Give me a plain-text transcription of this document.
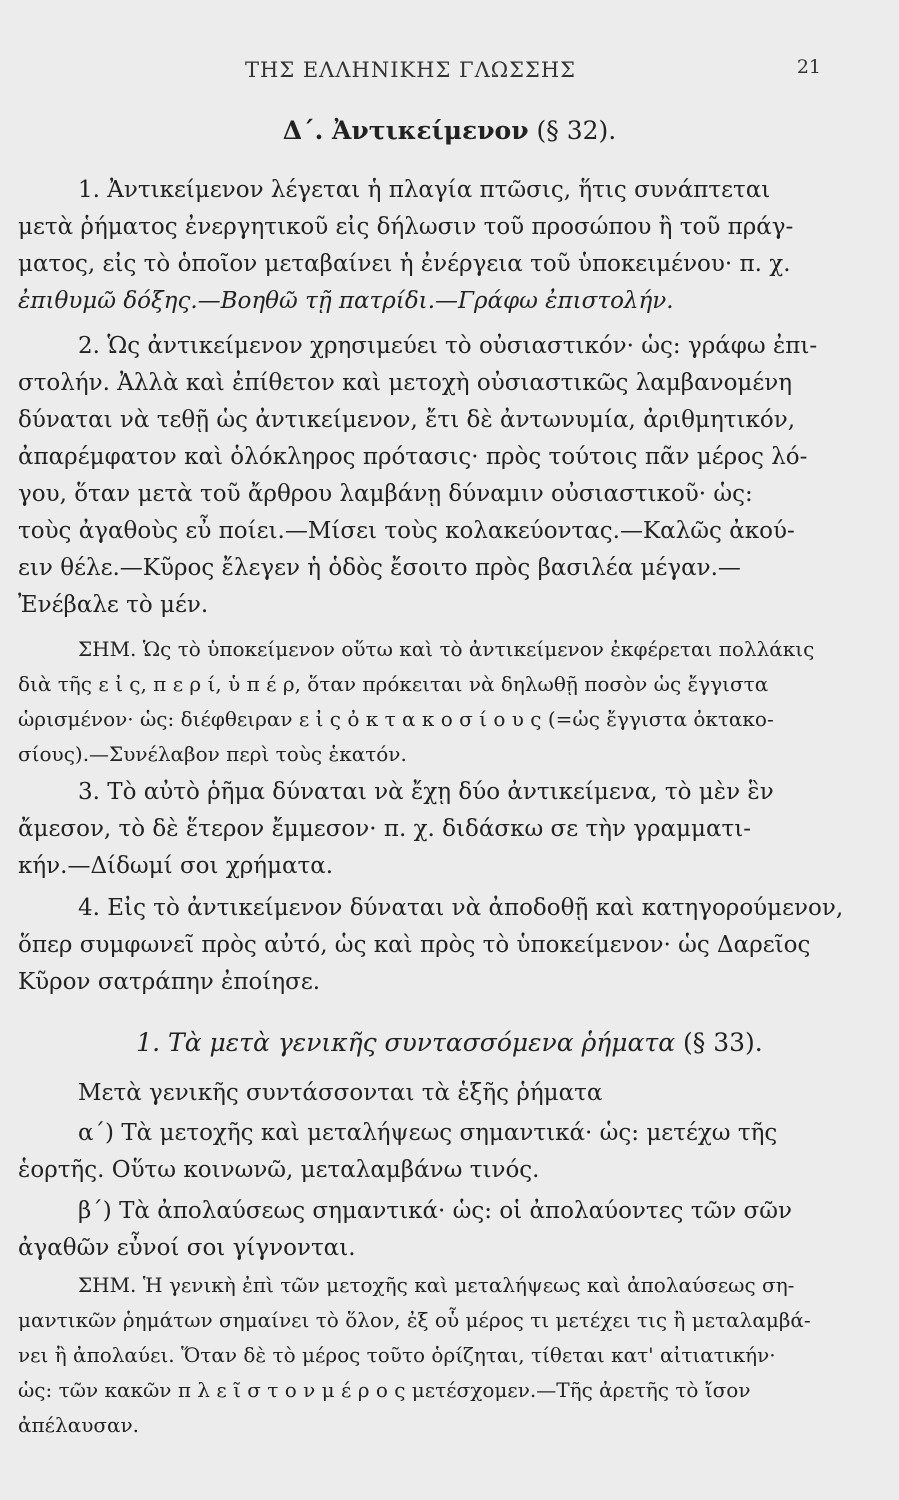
ΤΗΣ ΕΛΛΗΝΙΚΗΣ ΓΛΩΣΣΗΣ	21
Δ΄. Ἀντικείμενον (§ 32).
1. Ἀντικείμενον λέγεται ἡ πλαγία πτῶσις, ἥτις συνάπτεται
μετὰ ῥήματος ἐνεργητικοῦ εἰς δήλωσιν τοῦ προσώπου ἢ τοῦ πράγ-
ματος, εἰς τὸ ὁποῖον μεταβαίνει ἡ ἐνέργεια τοῦ ὑποκειμένου· π. χ.
ἐπιθυμῶ δόξης.—Βοηθῶ τῇ πατρίδι.—Γράφω ἐπιστολήν.
2. Ὡς ἀντικείμενον χρησιμεύει τὸ οὐσιαστικόν· ὡς: γράφω ἐπι-
στολήν. Ἀλλὰ καὶ ἐπίθετον καὶ μετοχὴ οὐσιαστικῶς λαμβανομένη
δύναται νὰ τεθῇ ὡς ἀντικείμενον, ἔτι δὲ ἀντωνυμία, ἀριθμητικόν,
ἀπαρέμφατον καὶ ὁλόκληρος πρότασις· πρὸς τούτοις πᾶν μέρος λό-
γου, ὅταν μετὰ τοῦ ἄρθρου λαμβάνῃ δύναμιν οὐσιαστικοῦ· ὡς:
τοὺς ἀγαθοὺς εὖ ποίει.—Μίσει τοὺς κολακεύοντας.—Καλῶς ἀκού-
ειν θέλε.—Κῦρος ἔλεγεν ἡ ὁδὸς ἔσοιτο πρὸς βασιλέα μέγαν.—
Ἐνέβαλε τὸ μέν.
ΣΗΜ. Ὡς τὸ ὑποκείμενον οὕτω καὶ τὸ ἀντικείμενον ἐκφέρεται πολλάκις
διὰ τῆς ε ἰ ς, π ε ρ ί, ὑ π έ ρ, ὅταν πρόκειται νὰ δηλωθῇ ποσὸν ὡς ἔγγιστα
ὡρισμένον· ὡς: διέφθειραν ε ἰ ς ὀ κ τ α κ ο σ ί ο υ ς (=ὡς ἔγγιστα ὀκτακο-
σίους).—Συνέλαβον περὶ τοὺς ἑκατόν.
3. Τὸ αὐτὸ ῥῆμα δύναται νὰ ἔχῃ δύο ἀντικείμενα, τὸ μὲν ἓν
ἄμεσον, τὸ δὲ ἕτερον ἔμμεσον· π. χ. διδάσκω σε τὴν γραμματι-
κήν.—Δίδωμί σοι χρήματα.
4. Εἰς τὸ ἀντικείμενον δύναται νὰ ἀποδοθῇ καὶ κατηγορούμενον,
ὅπερ συμφωνεῖ πρὸς αὐτό, ὡς καὶ πρὸς τὸ ὑποκείμενον· ὡς Δαρεῖος
Κῦρον σατράπην ἐποίησε.
1. Τὰ μετὰ γενικῆς συντασσόμενα ῥήματα (§ 33).
Μετὰ γενικῆς συντάσσονται τὰ ἑξῆς ῥήματα
α΄) Τὰ μετοχῆς καὶ μεταλήψεως σημαντικά· ὡς: μετέχω τῆς
ἑορτῆς. Οὕτω κοινωνῶ, μεταλαμβάνω τινός.
β΄) Τὰ ἀπολαύσεως σημαντικά· ὡς: οἱ ἀπολαύοντες τῶν σῶν
ἀγαθῶν εὖνοί σοι γίγνονται.
ΣΗΜ. Ἡ γενικὴ ἐπὶ τῶν μετοχῆς καὶ μεταλήψεως καὶ ἀπολαύσεως ση-
μαντικῶν ῥημάτων σημαίνει τὸ ὅλον, ἐξ οὗ μέρος τι μετέχει τις ἢ μεταλαμβά-
νει ἢ ἀπολαύει. Ὅταν δὲ τὸ μέρος τοῦτο ὁρίζηται, τίθεται κατ' αἰτιατικήν·
ὡς: τῶν κακῶν π λ ε ῖ σ τ ο ν μ έ ρ ο ς μετέσχομεν.—Τῆς ἀρετῆς τὸ ἴσον
ἀπέλαυσαν.
